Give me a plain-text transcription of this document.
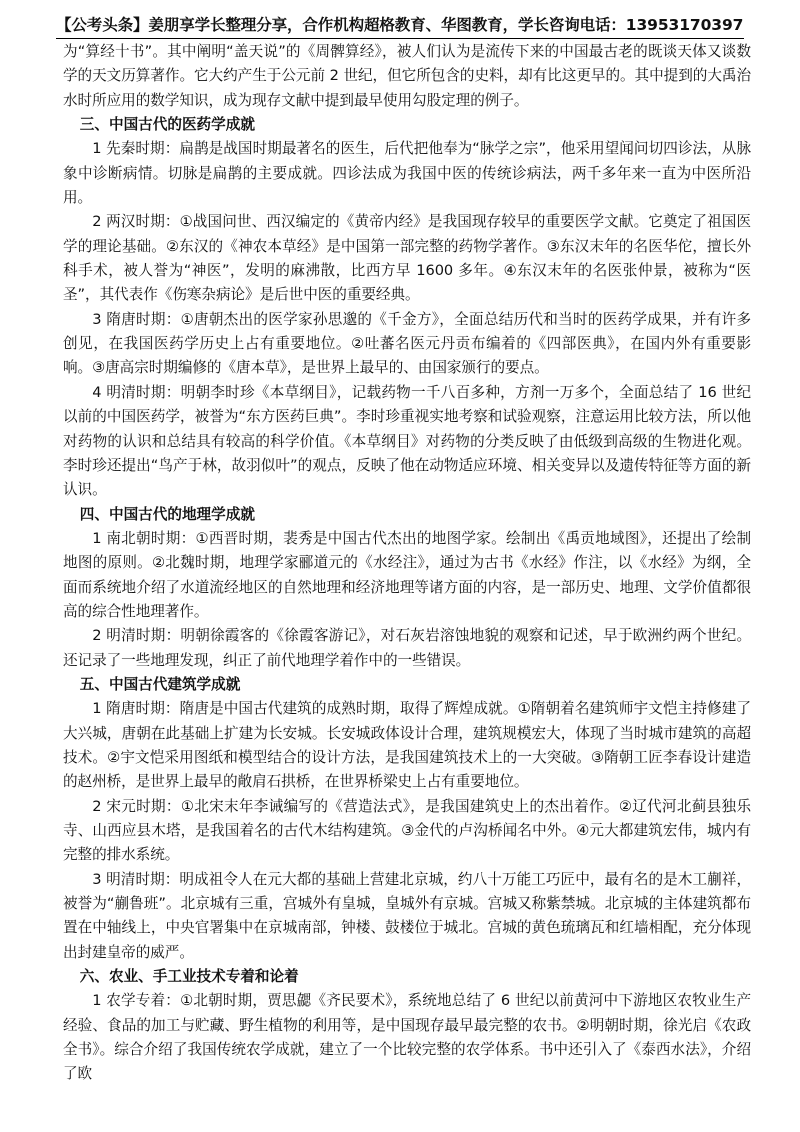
【公考头条】姜朋享学长整理分享，合作机构超格教育、华图教育，学长咨询电话：13953170397

为“算经十书”。其中阐明“盖天说”的《周髀算经》，被人们认为是流传下来的中国最古老的既谈天体又谈数学的天文历算著作。它大约产生于公元前 2 世纪，但它所包含的史料，却有比这更早的。其中提到的大禹治水时所应用的数学知识，成为现存文献中提到最早使用勾股定理的例子。

三、中国古代的医药学成就

1 先秦时期：扁鹊是战国时期最著名的医生，后代把他奉为“脉学之宗”，他采用望闻问切四诊法，从脉象中诊断病情。切脉是扁鹊的主要成就。四诊法成为我国中医的传统诊病法，两千多年来一直为中医所沿用。

2 两汉时期：①战国问世、西汉编定的《黄帝内经》是我国现存较早的重要医学文献。它奠定了祖国医学的理论基础。②东汉的《神农本草经》是中国第一部完整的药物学著作。③东汉末年的名医华佗，擅长外科手术，被人誉为“神医”，发明的麻沸散，比西方早 1600 多年。④东汉末年的名医张仲景，被称为“医圣”，其代表作《伤寒杂病论》是后世中医的重要经典。

3 隋唐时期：①唐朝杰出的医学家孙思邈的《千金方》，全面总结历代和当时的医药学成果，并有许多创见，在我国医药学历史上占有重要地位。②吐蕃名医元丹贡布编着的《四部医典》，在国内外有重要影响。③唐高宗时期编修的《唐本草》，是世界上最早的、由国家颁行的要点。

4 明清时期：明朝李时珍《本草纲目》，记载药物一千八百多种，方剂一万多个，全面总结了 16 世纪以前的中国医药学，被誉为“东方医药巨典”。李时珍重视实地考察和试验观察，注意运用比较方法，所以他对药物的认识和总结具有较高的科学价值。《本草纲目》对药物的分类反映了由低级到高级的生物进化观。李时珍还提出“鸟产于林，故羽似叶”的观点，反映了他在动物适应环境、相关变异以及遗传特征等方面的新认识。

四、中国古代的地理学成就

1 南北朝时期：①西晋时期，裴秀是中国古代杰出的地图学家。绘制出《禹贡地域图》，还提出了绘制地图的原则。②北魏时期，地理学家郦道元的《水经注》，通过为古书《水经》作注，以《水经》为纲，全面而系统地介绍了水道流经地区的自然地理和经济地理等诸方面的内容，是一部历史、地理、文学价值都很高的综合性地理著作。

2 明清时期：明朝徐霞客的《徐霞客游记》，对石灰岩溶蚀地貌的观察和记述，早于欧洲约两个世纪。还记录了一些地理发现，纠正了前代地理学着作中的一些错误。

五、中国古代建筑学成就

1 隋唐时期：隋唐是中国古代建筑的成熟时期，取得了辉煌成就。①隋朝着名建筑师宇文恺主持修建了大兴城，唐朝在此基础上扩建为长安城。长安城政体设计合理，建筑规模宏大，体现了当时城市建筑的高超技术。②宇文恺采用图纸和模型结合的设计方法，是我国建筑技术上的一大突破。③隋朝工匠李春设计建造的赵州桥，是世界上最早的敞肩石拱桥，在世界桥梁史上占有重要地位。

2 宋元时期：①北宋末年李诫编写的《营造法式》，是我国建筑史上的杰出着作。②辽代河北蓟县独乐寺、山西应县木塔，是我国着名的古代木结构建筑。③金代的卢沟桥闻名中外。④元大都建筑宏伟，城内有完整的排水系统。

3 明清时期：明成祖令人在元大都的基础上营建北京城，约八十万能工巧匠中，最有名的是木工蒯祥，被誉为“蒯鲁班”。北京城有三重，宫城外有皇城，皇城外有京城。宫城又称紫禁城。北京城的主体建筑都布置在中轴线上，中央官署集中在京城南部，钟楼、鼓楼位于城北。宫城的黄色琉璃瓦和红墙相配，充分体现出封建皇帝的威严。

六、农业、手工业技术专着和论着

1 农学专着：①北朝时期，贾思勰《齐民要术》，系统地总结了 6 世纪以前黄河中下游地区农牧业生产经验、食品的加工与贮藏、野生植物的利用等，是中国现存最早最完整的农书。②明朝时期，徐光启《农政全书》。综合介绍了我国传统农学成就，建立了一个比较完整的农学体系。书中还引入了《泰西水法》，介绍了欧
